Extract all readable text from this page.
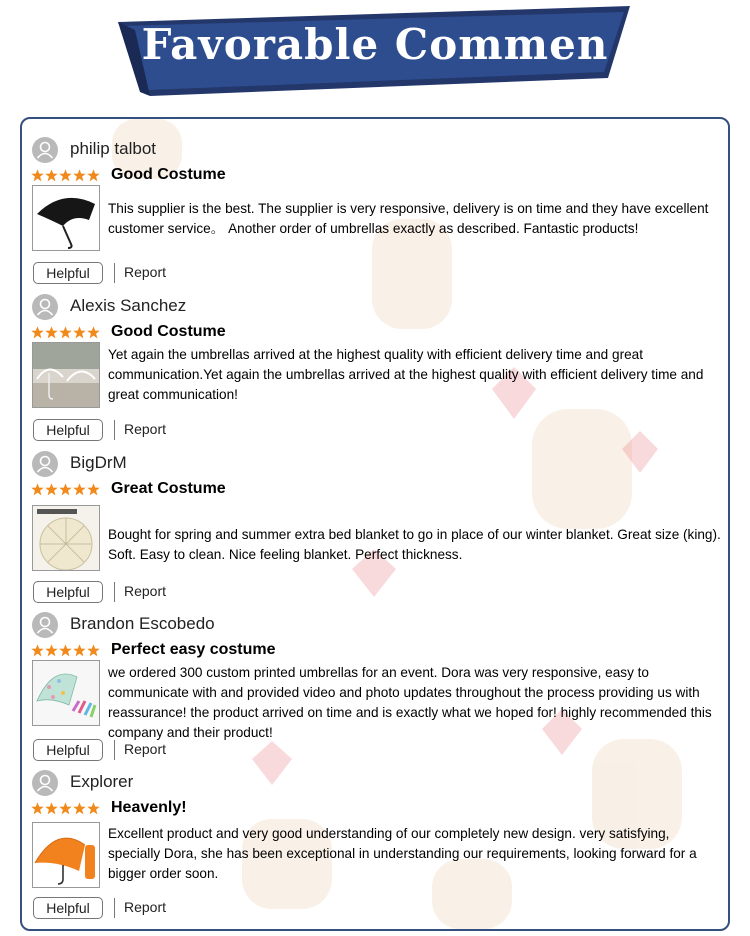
Favorable Commen
philip talbot
Good Costume
This supplier is the best. The supplier is very responsive, delivery is on time and they have excellent customer service。 Another order of umbrellas exactly as described. Fantastic products!
Helpful	Report
Alexis Sanchez
Good Costume
Yet again the umbrellas arrived at the highest quality with efficient delivery time and great communication.Yet again the umbrellas arrived at the highest quality with efficient delivery time and great communication!
Helpful	Report
BigDrM
Great Costume
Bought for spring and summer extra bed blanket to go in place of our winter blanket. Great size (king). Soft. Easy to clean. Nice feeling blanket. Perfect thickness.
Helpful	Report
Brandon Escobedo
Perfect easy costume
we ordered 300 custom printed umbrellas for an event. Dora was very responsive, easy to communicate with and provided video and photo updates throughout the process providing us with reassurance! the product arrived on time and is exactly what we hoped for! highly recommended this company and their product!
Helpful	Report
Explorer
Heavenly!
Excellent product and very good understanding of our completely new design. very satisfying, specially Dora, she has been exceptional in understanding our requirements, looking forward for a bigger order soon.
Helpful	Report
